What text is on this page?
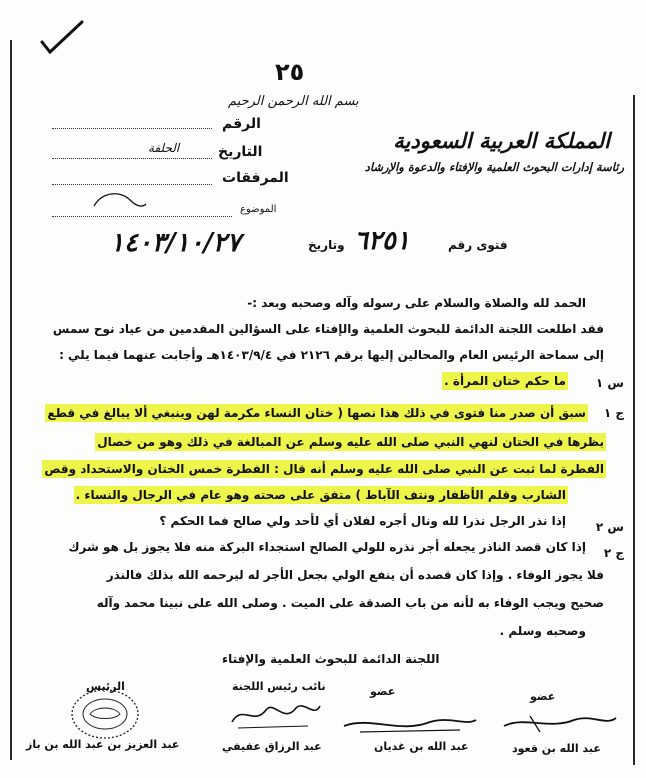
٢٥
بسم الله الرحمن الرحيم
المملكة العربية السعودية
رئاسة إدارات البحوث العلمية والإفتاء والدعوة والإرشاد
الرقم
التاريخ
الحلفة
المرفقات
الموضوع
فتوى رقم
٦٢٥١
وتاريخ
١٤٠٣/١٠/٢٧
الحمد لله والصلاة والسلام على رسوله وآله وصحبه وبعد :-
فقد اطلعت اللجنة الدائمة للبحوث العلمية والإفتاء على السؤالين المقدمين من عياد نوح سمس
إلى سماحة الرئيس العام والمحالين إليها برقم ٢١٢٦ في ١٤٠٣/٩/٤هـ وأجابت عنهما فيما يلي :
س ١
ما حكم ختان المرأة .
ج ١
سبق أن صدر منا فتوى في ذلك هذا نصها ( ختان النساء مكرمة لهن وينبغي ألا يبالغ في قطع
بظرها في الختان لنهي النبي صلى الله عليه وسلم عن المبالغة في ذلك وهو من خصال
الفطرة لما ثبت عن النبي صلى الله عليه وسلم أنه قال : الفطرة خمس الختان والاستحداد وقص
الشارب وقلم الأظفار ونتف الآباط ) متفق على صحته وهو عام في الرجال والنساء .
س ٢
إذا نذر الرجل نذرا لله ونال أجره لفلان أي لأحد ولي صالح فما الحكم ؟
ج ٢
إذا كان قصد الناذر يجعله أجر نذره للولي الصالح استجداء البركة منه فلا يجوز بل هو شرك
فلا يجوز الوفاء . وإذا كان قصده أن ينفع الولي بجعل الأجر له ليرحمه الله بذلك فالنذر
صحيح ويجب الوفاء به لأنه من باب الصدقة على الميت . وصلى الله على نبينا محمد وآله
وصحبه وسلم .
اللجنة الدائمة للبحوث العلمية والإفتاء
الرئيس	نائب رئيس اللجنة	عضو	عضو
عبد العزيز بن عبد الله بن باز	عبد الرزاق عفيفي	عبد الله بن غديان	عبد الله بن قعود
